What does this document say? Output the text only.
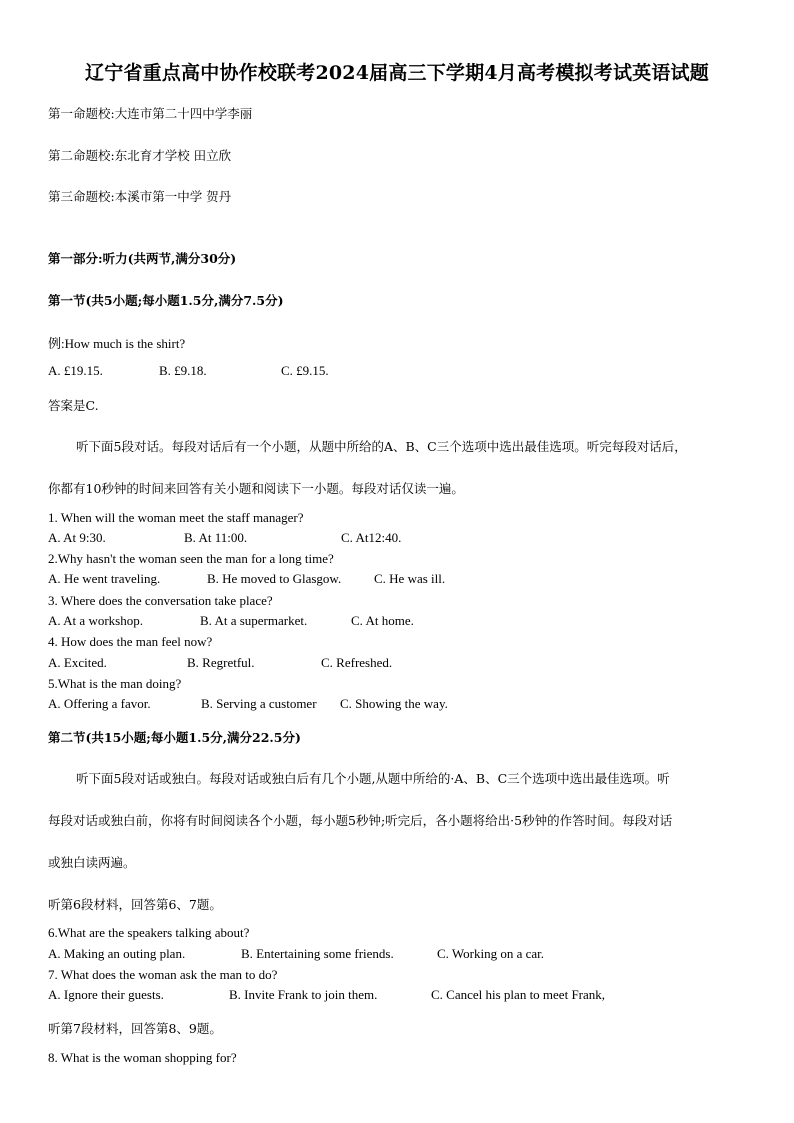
辽宁省重点高中协作校联考2024届高三下学期4月高考模拟考试英语试题
第一命题校:大连市第二十四中学李丽
第二命题校:东北育才学校 田立欣
第三命题校:本溪市第一中学 贺丹
第一部分:听力(共两节,满分30分)
第一节(共5小题;每小题1.5分,满分7.5分)
例:How much is the shirt?
A. £19.15.	B. £9.18.	C. £9.15.
答案是C.
听下面5段对话。每段对话后有一个小题，从题中所给的A、B、C三个选项中选出最佳选项。听完每段对话后，
你都有10秒钟的时间来回答有关小题和阅读下一小题。每段对话仅读一遍。
1. When will the woman meet the staff manager?
A. At 9:30.	B. At 11:00.	C. At12:40.
2.Why hasn't the woman seen the man for a long time?
A. He went traveling.	B. He moved to Glasgow.	C. He was ill.
3. Where does the conversation take place?
A. At a workshop.	B. At a supermarket.	C. At home.
4. How does the man feel now?
A. Excited.	B. Regretful.	C. Refreshed.
5.What is the man doing?
A. Offering a favor.	B. Serving a customer C. Showing the way.
第二节(共15小题;每小题1.5分,满分22.5分)
听下面5段对话或独白。每段对话或独白后有几个小题,从题中所给的·A、B、C三个选项中选出最佳选项。听
每段对话或独白前，你将有时间阅读各个小题，每小题5秒钟;听完后，各小题将给出·5秒钟的作答时间。每段对话
或独白读两遍。
听第6段材料，回答第6、7题。
6.What are the speakers talking about?
A. Making an outing plan.	B. Entertaining some friends.	C. Working on a car.
7. What does the woman ask the man to do?
A. Ignore their guests.	B. Invite Frank to join them.	C. Cancel his plan to meet Frank,
听第7段材料，回答第8、9题。
8. What is the woman shopping for?
